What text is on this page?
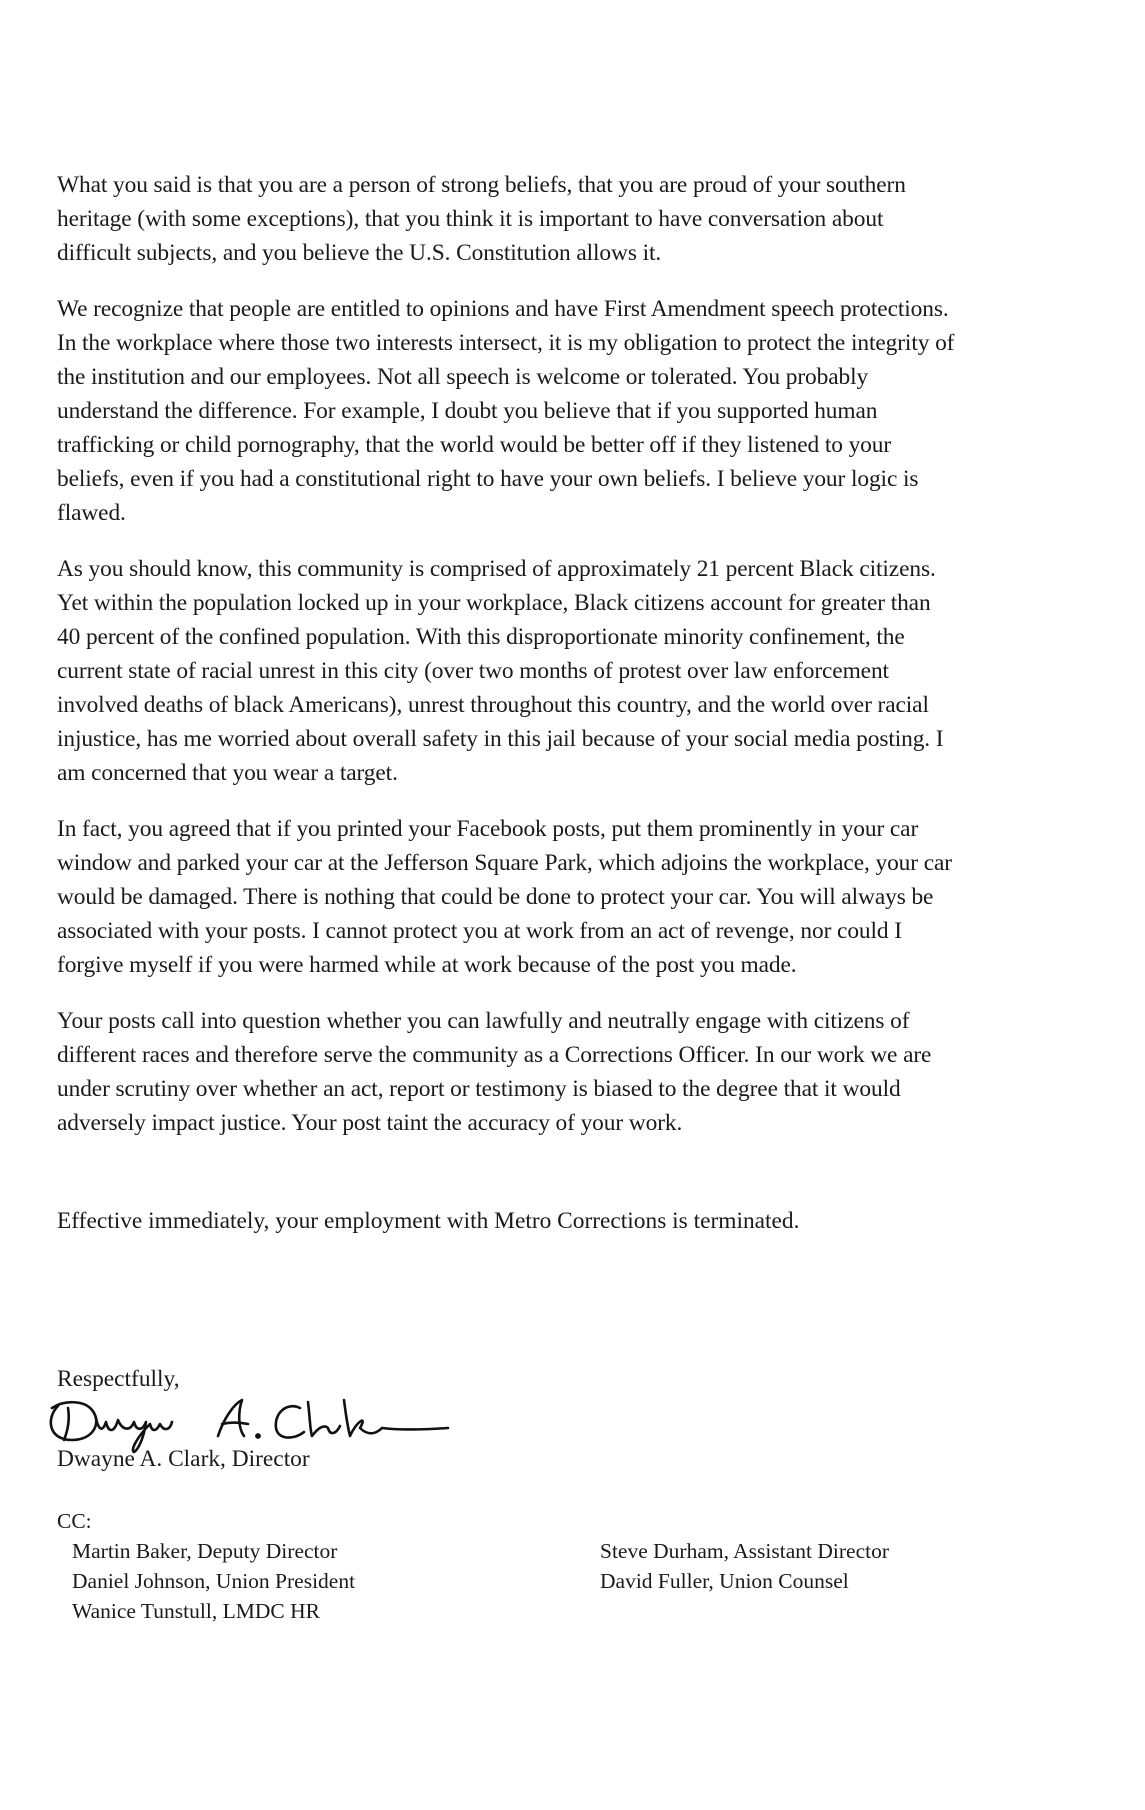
What you said is that you are a person of strong beliefs, that you are proud of your southern
heritage (with some exceptions), that you think it is important to have conversation about
difficult subjects, and you believe the U.S. Constitution allows it.

We recognize that people are entitled to opinions and have First Amendment speech protections.
In the workplace where those two interests intersect, it is my obligation to protect the integrity of
the institution and our employees. Not all speech is welcome or tolerated. You probably
understand the difference. For example, I doubt you believe that if you supported human
trafficking or child pornography, that the world would be better off if they listened to your
beliefs, even if you had a constitutional right to have your own beliefs. I believe your logic is
flawed.

As you should know, this community is comprised of approximately 21 percent Black citizens.
Yet within the population locked up in your workplace, Black citizens account for greater than
40 percent of the confined population. With this disproportionate minority confinement, the
current state of racial unrest in this city (over two months of protest over law enforcement
involved deaths of black Americans), unrest throughout this country, and the world over racial
injustice, has me worried about overall safety in this jail because of your social media posting. I
am concerned that you wear a target.

In fact, you agreed that if you printed your Facebook posts, put them prominently in your car
window and parked your car at the Jefferson Square Park, which adjoins the workplace, your car
would be damaged. There is nothing that could be done to protect your car. You will always be
associated with your posts. I cannot protect you at work from an act of revenge, nor could I
forgive myself if you were harmed while at work because of the post you made.

Your posts call into question whether you can lawfully and neutrally engage with citizens of
different races and therefore serve the community as a Corrections Officer. In our work we are
under scrutiny over whether an act, report or testimony is biased to the degree that it would
adversely impact justice. Your post taint the accuracy of your work.

Effective immediately, your employment with Metro Corrections is terminated.
Respectfully,
Dwayne A. Clark, Director
CC:
Martin Baker, Deputy Director
Daniel Johnson, Union President
Wanice Tunstull, LMDC HR
Steve Durham, Assistant Director
David Fuller, Union Counsel
